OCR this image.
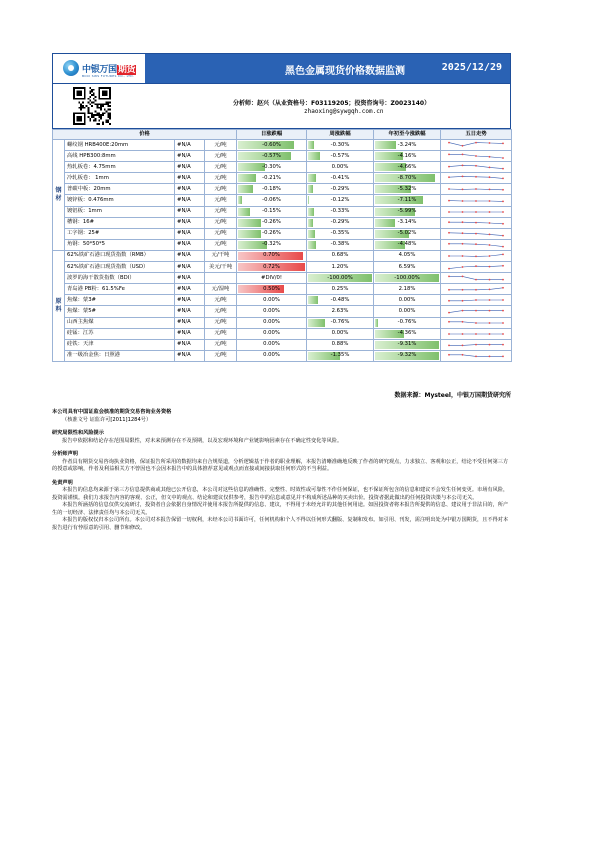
中银万国期货
BOCI SWS FUTURES CO., LTD.	黑色金属现货价格数据监测	2025/12/29
分析师：赵兴（从业资格号：F03119205；投资咨询号：Z0023140）
zhaoxing@sywgqh.com.cn
价格				日涨跌幅	周涨跌幅	年初至今涨跌幅	五日走势
钢材	螺纹钢 HRB400E:20mm	#N/A	元/吨	-0.60%	-0.30%	-3.24%	

	高线 HPB300:8mm	#N/A	元/吨	-0.57%	-0.57%	-4.16%	

	热轧板卷：4.75mm	#N/A	元/吨	-0.30%	0.00%	-4.66%	

	冷轧板卷： 1mm	#N/A	元/吨	-0.21%	-0.41%	-8.70%	

	普碳中板：20mm	#N/A	元/吨	-0.18%	-0.29%	-5.32%	

	镀锌板：0.476mm	#N/A	元/吨	-0.06%	-0.12%	-7.11%	

	镀铝板：1mm	#N/A	元/吨	-0.15%	-0.33%	-5.99%	

	槽钢：16#	#N/A	元/吨	-0.26%	-0.29%	-3.14%	

	工字钢：25#	#N/A	元/吨	-0.26%	-0.35%	-5.02%	

	角钢：50*50*5	#N/A	元/吨	-0.32%	-0.38%	-4.48%	

原料	62%铁矿石港口现货指数（RMB）	#N/A	元/干吨	0.70%	0.68%	4.05%	

	62%铁矿石港口现货指数（USD）	#N/A	美元/干吨	0.72%	1.20%	6.59%	

	波罗的海干散货指数（BDI）	#N/A		#DIV/0!	-100.00%	-100.00%	

	青岛港 PB粉：61.5%Fe	#N/A	元/湿吨	0.50%	0.25%	2.18%	

	焦煤：蒙3#	#N/A	元/吨	0.00%	-0.48%	0.00%	

	焦煤：蒙5#	#N/A	元/吨	0.00%	2.63%	0.00%	

	山西主焦煤	#N/A	元/吨	0.00%	-0.76%	-0.76%	

	硅锰：江苏	#N/A	元/吨	0.00%	0.00%	-4.36%	

	硅铁：天津	#N/A	元/吨	0.00%	0.88%	-9.31%	

	准一级冶金焦：日照港	#N/A	元/吨	0.00%	-1.35%	-9.32%	
数据来源：Mysteel，中银万国期货研究所
本公司具有中国证监会核准的期货交易咨询业务资格

（核准文号 证监许可[2011]1284号）

研究局限性和风险提示

报告中依据和结论存在范围局限性，对未来预测存在不及预期，以及宏观环境和产业链影响因素存在不确定性变化等风险。

分析师声明

作者具有期货交易咨询执业资格，保证报告所采用的数据均来自合规渠道，分析逻辑基于作者的职业理解，本报告清晰准确地反映了作者的研究观点，力求独立、客观和公正，结论不受任何第三方的授意或影响，作者及利益相关方不曾因也不会因本报告中的具体推荐意见或观点而直接或间接获取任何形式的不当利益。

免责声明

本报告的信息均来源于第三方信息提供商或其他已公开信息，本公司对这些信息的准确性、完整性、时效性或可靠性不作任何保证，也不保证所包含的信息和建议不会发生任何变更。市场有风险，投资需谨慎。我们力求报告内容的客观、公正，但文中的观点、结论和建议仅供参考，报告中的信息或意见并不构成所述品种的买卖出价。投资者据此做出的任何投资决策与本公司无关。

本报告所涵括的信息仅供交流研讨，投资者自会依据自身情况并使用本报告所提供的信息、建议，不得用于未经允许的其他任何用途。如因投资者将本报告所提供的信息、建议用于非法目的，所产生的一切经济、法律责任均与本公司无关。

本报告的版权仅归本公司所有。本公司对本报告保留一切权利，未经本公司书面许可，任何机构和个人不得以任何形式翻版、复制和发布。如引用、刊发，需注明出处为中银万国期货，且不得对本报告进行有悖原意的引用、删节和修改。
